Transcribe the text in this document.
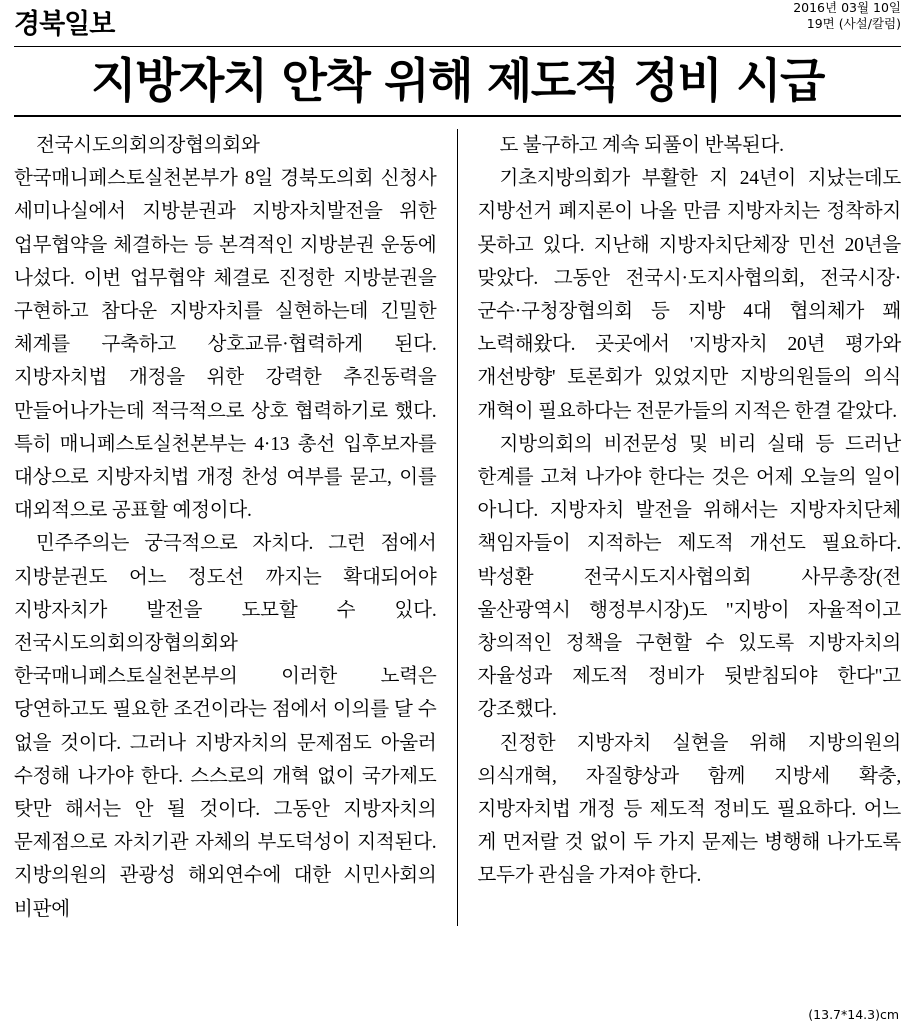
경북일보
2016년 03월 10일
19면 (사설/칼럼)
지방자치 안착 위해 제도적 정비 시급

전국시도의회의장협의회와 한국매니페스토실천본부가 8일 경북도의회 신청사 세미나실에서 지방분권과 지방자치발전을 위한 업무협약을 체결하는 등 본격적인 지방분권 운동에 나섰다. 이번 업무협약 체결로 진정한 지방분권을 구현하고 참다운 지방자치를 실현하는데 긴밀한 체계를 구축하고 상호교류·협력하게 된다. 지방자치법 개정을 위한 강력한 추진동력을 만들어나가는데 적극적으로 상호 협력하기로 했다. 특히 매니페스토실천본부는 4·13 총선 입후보자를 대상으로 지방자치법 개정 찬성 여부를 묻고, 이를 대외적으로 공표할 예정이다.

민주주의는 궁극적으로 자치다. 그런 점에서 지방분권도 어느 정도선 까지는 확대되어야 지방자치가 발전을 도모할 수 있다. 전국시도의회의장협의회와 한국매니페스토실천본부의 이러한 노력은 당연하고도 필요한 조건이라는 점에서 이의를 달 수 없을 것이다. 그러나 지방자치의 문제점도 아울러 수정해 나가야 한다. 스스로의 개혁 없이 국가제도 탓만 해서는 안 될 것이다. 그동안 지방자치의 문제점으로 자치기관 자체의 부도덕성이 지적된다. 지방의원의 관광성 해외연수에 대한 시민사회의 비판에

도 불구하고 계속 되풀이 반복된다.

기초지방의회가 부활한 지 24년이 지났는데도 지방선거 폐지론이 나올 만큼 지방자치는 정착하지 못하고 있다. 지난해 지방자치단체장 민선 20년을 맞았다. 그동안 전국시·도지사협의회, 전국시장·군수·구청장협의회 등 지방 4대 협의체가 꽤 노력해왔다. 곳곳에서 '지방자치 20년 평가와 개선방향' 토론회가 있었지만 지방의원들의 의식 개혁이 필요하다는 전문가들의 지적은 한결 같았다.

지방의회의 비전문성 및 비리 실태 등 드러난 한계를 고쳐 나가야 한다는 것은 어제 오늘의 일이 아니다. 지방자치 발전을 위해서는 지방자치단체 책임자들이 지적하는 제도적 개선도 필요하다. 박성환 전국시도지사협의회 사무총장(전 울산광역시 행정부시장)도 "지방이 자율적이고 창의적인 정책을 구현할 수 있도록 지방자치의 자율성과 제도적 정비가 뒷받침되야 한다"고 강조했다.

진정한 지방자치 실현을 위해 지방의원의 의식개혁, 자질향상과 함께 지방세 확충, 지방자치법 개정 등 제도적 정비도 필요하다. 어느 게 먼저랄 것 없이 두 가지 문제는 병행해 나가도록 모두가 관심을 가져야 한다.

(13.7*14.3)cm
